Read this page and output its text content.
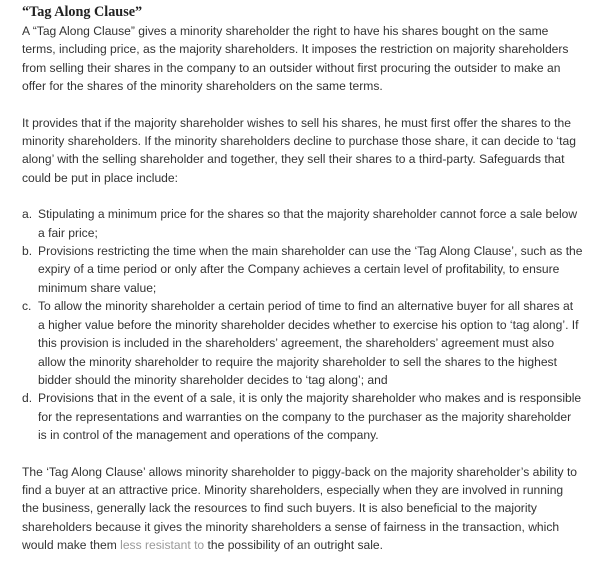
“Tag Along Clause”

A “Tag Along Clause” gives a minority shareholder the right to have his shares bought on the same terms, including price, as the majority shareholders. It imposes the restriction on majority shareholders from selling their shares in the company to an outsider without first procuring the outsider to make an offer for the shares of the minority shareholders on the same terms.

It provides that if the majority shareholder wishes to sell his shares, he must first offer the shares to the minority shareholders. If the minority shareholders decline to purchase those share, it can decide to ‘tag along’ with the selling shareholder and together, they sell their shares to a third-party. Safeguards that could be put in place include:

a. Stipulating a minimum price for the shares so that the majority shareholder cannot force a sale below a fair price;
b. Provisions restricting the time when the main shareholder can use the ‘Tag Along Clause’, such as the expiry of a time period or only after the Company achieves a certain level of profitability, to ensure minimum share value;
c. To allow the minority shareholder a certain period of time to find an alternative buyer for all shares at a higher value before the minority shareholder decides whether to exercise his option to ‘tag along’. If this provision is included in the shareholders’ agreement, the shareholders’ agreement must also allow the minority shareholder to require the majority shareholder to sell the shares to the highest bidder should the minority shareholder decides to ‘tag along’; and
d. Provisions that in the event of a sale, it is only the majority shareholder who makes and is responsible for the representations and warranties on the company to the purchaser as the majority shareholder is in control of the management and operations of the company.

The ‘Tag Along Clause’ allows minority shareholder to piggy-back on the majority shareholder’s ability to find a buyer at an attractive price. Minority shareholders, especially when they are involved in running the business, generally lack the resources to find such buyers. It is also beneficial to the majority shareholders because it gives the minority shareholders a sense of fairness in the transaction, which would make them less resistant to the possibility of an outright sale.
